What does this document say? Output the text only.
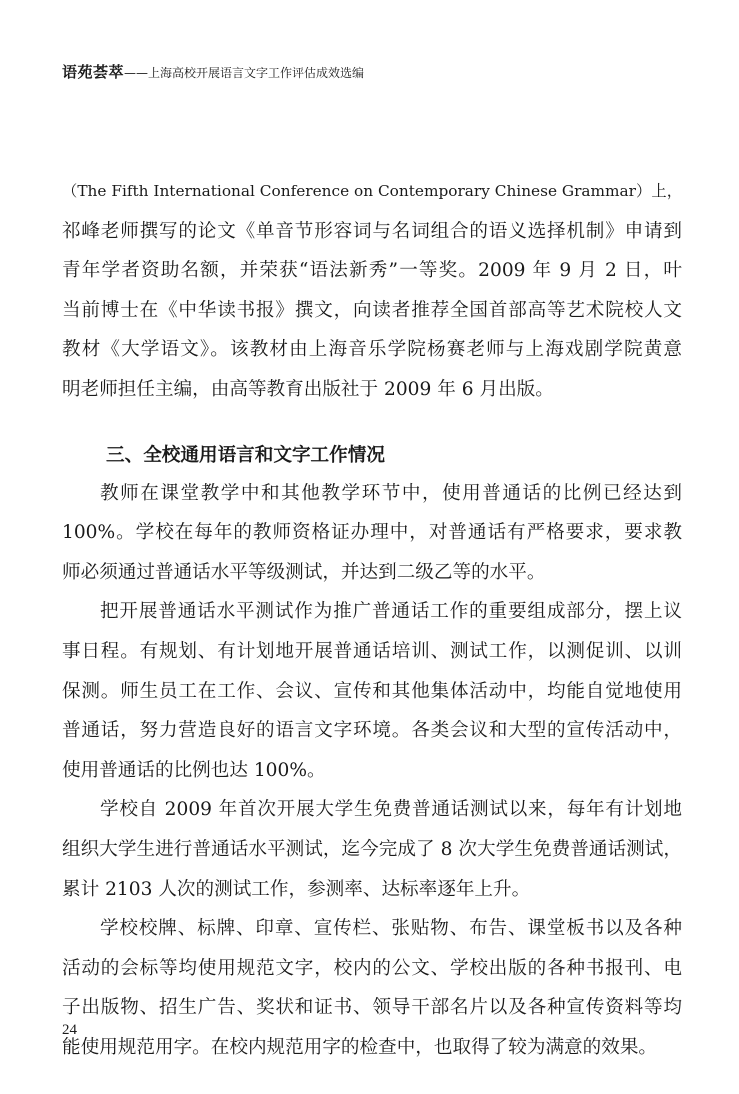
语苑荟萃——上海高校开展语言文字工作评估成效选编
（The Fifth International Conference on Contemporary Chinese Grammar）上，
祁峰老师撰写的论文《单音节形容词与名词组合的语义选择机制》申请到
青年学者资助名额，并荣获“语法新秀”一等奖。2009 年 9 月 2 日，叶
当前博士在《中华读书报》撰文，向读者推荐全国首部高等艺术院校人文
教材《大学语文》。该教材由上海音乐学院杨赛老师与上海戏剧学院黄意
明老师担任主编，由高等教育出版社于 2009 年 6 月出版。
三、全校通用语言和文字工作情况
教师在课堂教学中和其他教学环节中，使用普通话的比例已经达到
100%。学校在每年的教师资格证办理中，对普通话有严格要求，要求教
师必须通过普通话水平等级测试，并达到二级乙等的水平。
把开展普通话水平测试作为推广普通话工作的重要组成部分，摆上议
事日程。有规划、有计划地开展普通话培训、测试工作，以测促训、以训
保测。师生员工在工作、会议、宣传和其他集体活动中，均能自觉地使用
普通话，努力营造良好的语言文字环境。各类会议和大型的宣传活动中，
使用普通话的比例也达 100%。
学校自 2009 年首次开展大学生免费普通话测试以来，每年有计划地
组织大学生进行普通话水平测试，迄今完成了 8 次大学生免费普通话测试，
累计 2103 人次的测试工作，参测率、达标率逐年上升。
学校校牌、标牌、印章、宣传栏、张贴物、布告、课堂板书以及各种
活动的会标等均使用规范文字，校内的公文、学校出版的各种书报刊、电
子出版物、招生广告、奖状和证书、领导干部名片以及各种宣传资料等均
能使用规范用字。在校内规范用字的检查中，也取得了较为满意的效果。
24
